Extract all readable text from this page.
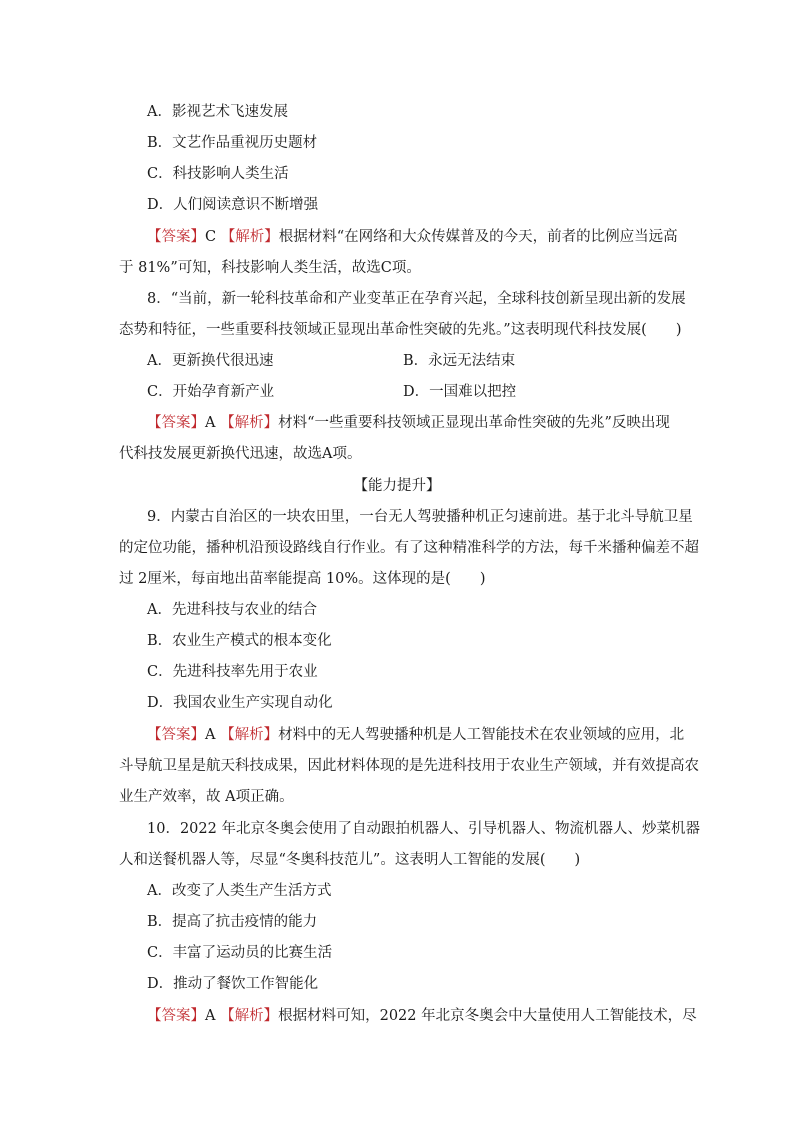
A．影视艺术飞速发展
B．文艺作品重视历史题材
C．科技影响人类生活
D．人们阅读意识不断增强
【答案】C 【解析】根据材料“在网络和大众传媒普及的今天，前者的比例应当远高
于 81%”可知，科技影响人类生活，故选C项。
8．“当前，新一轮科技革命和产业变革正在孕育兴起，全球科技创新呈现出新的发展
态势和特征，一些重要科技领域正显现出革命性突破的先兆。”这表明现代科技发展(　　)
A．更新换代很迅速	B．永远无法结束
C．开始孕育新产业	D．一国难以把控
【答案】A 【解析】材料“一些重要科技领域正显现出革命性突破的先兆”反映出现
代科技发展更新换代迅速，故选A项。
【能力提升】
9．内蒙古自治区的一块农田里，一台无人驾驶播种机正匀速前进。基于北斗导航卫星
的定位功能，播种机沿预设路线自行作业。有了这种精准科学的方法，每千米播种偏差不超
过 2厘米，每亩地出苗率能提高 10%。这体现的是(　　)
A．先进科技与农业的结合
B．农业生产模式的根本变化
C．先进科技率先用于农业
D．我国农业生产实现自动化
【答案】A 【解析】材料中的无人驾驶播种机是人工智能技术在农业领域的应用，北
斗导航卫星是航天科技成果，因此材料体现的是先进科技用于农业生产领域，并有效提高农
业生产效率，故 A项正确。
10．2022 年北京冬奥会使用了自动跟拍机器人、引导机器人、物流机器人、炒菜机器
人和送餐机器人等，尽显“冬奥科技范儿”。这表明人工智能的发展(　　)
A．改变了人类生产生活方式
B．提高了抗击疫情的能力
C．丰富了运动员的比赛生活
D．推动了餐饮工作智能化
【答案】A 【解析】根据材料可知，2022 年北京冬奥会中大量使用人工智能技术，尽
